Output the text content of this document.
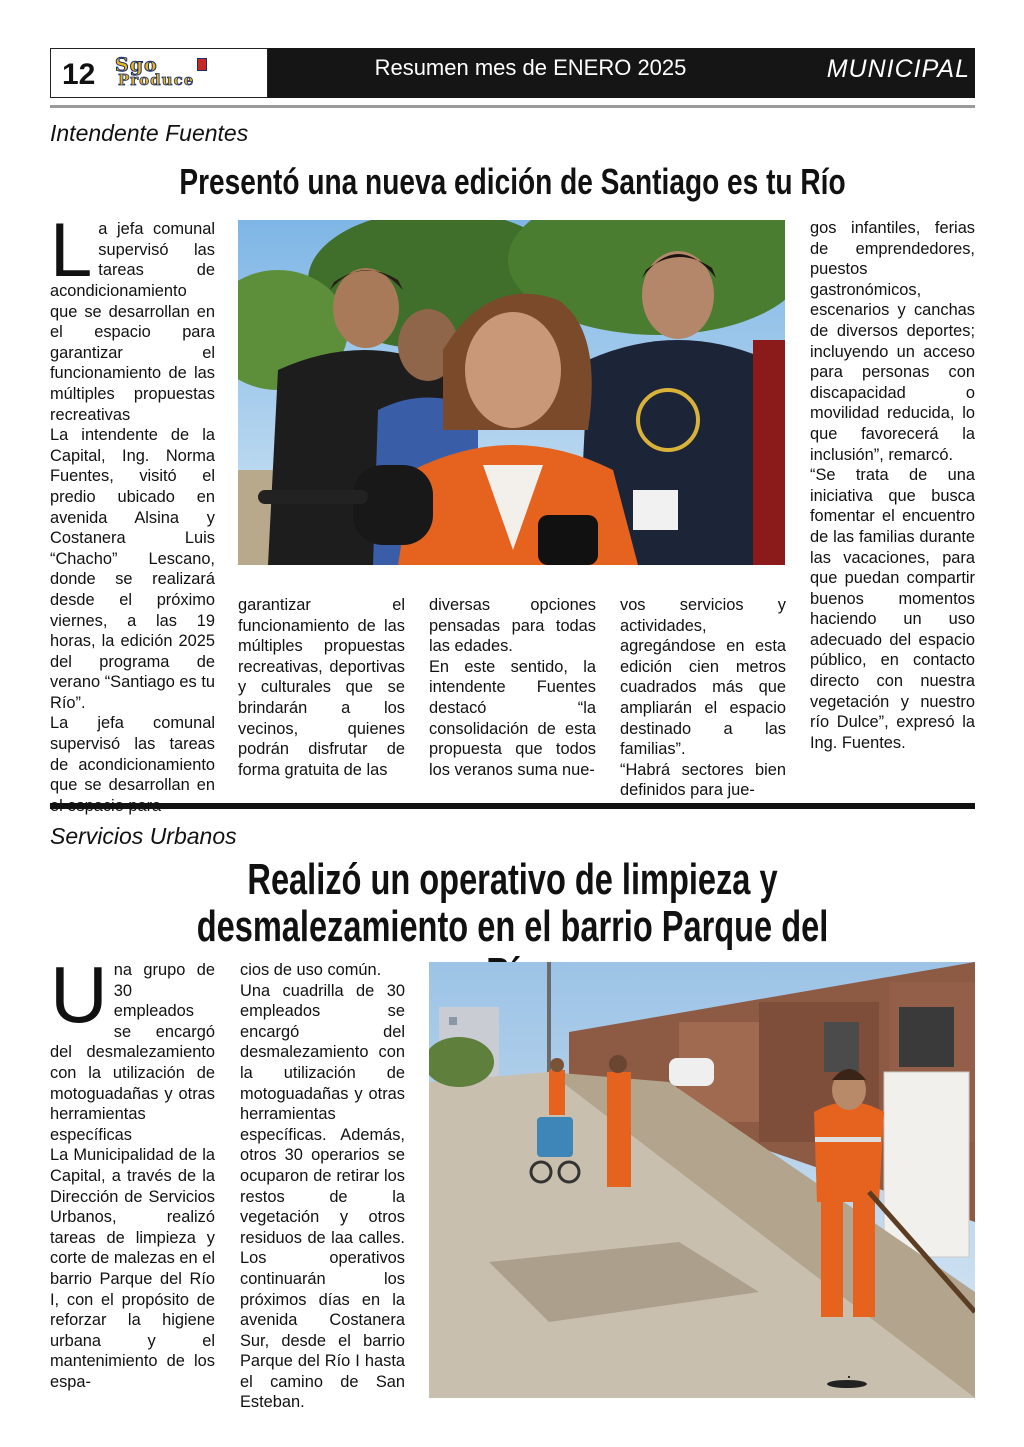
12 Sgo
Produce	Resumen mes de ENERO 2025	MUNICIPAL
Intendente Fuentes
Presentó una nueva edición de Santiago es tu Río

La jefa comunal supervisó las tareas de acondicionamiento que se desarrollan en el espacio para garantizar el funcionamiento de las múltiples propuestas recreativas

La intendente de la Capital, Ing. Norma Fuentes, visitó el predio ubicado en avenida Alsina y Costanera Luis “Chacho” Lescano, donde se realizará desde el próximo viernes, a las 19 horas, la edición 2025 del programa de verano “Santiago es tu Río”.

La jefa comunal supervisó las tareas de acondicionamiento que se desarrollan en

garantizar el funcionamiento de las múltiples propuestas recreativas, deportivas y culturales que se brindarán a los vecinos, quienes podrán disfrutar de forma gratuita de las

diversas opciones pensadas para todas las edades.

En este sentido, la intendente Fuentes destacó “la consolidación de esta propuesta que todos los veranos suma nue-

vos servicios y actividades, agregándose en esta edición cien metros cuadrados más que ampliarán el espacio destinado a las familias”.

“Habrá sectores bien definidos para jue-

gos infantiles, ferias de emprendedores, puestos gastronómicos, escenarios y canchas de diversos deportes; incluyendo un acceso para personas con discapacidad o movilidad reducida, lo que favorecerá la inclusión”, remarcó.

“Se trata de una iniciativa que busca fomentar el encuentro de las familias durante las vacaciones, para que puedan compartir buenos momentos haciendo un uso adecuado del espacio público, en contacto directo con nuestra vegetación y nuestro río Dulce”, expresó la Ing. Fuentes.

Servicios Urbanos
Realizó un operativo de limpieza y
desmalezamiento en el barrio Parque del

Una grupo de 30 empleados se encargó del desmalezamiento con la utilización de motoguadañas y otras herramientas específicas

La Municipalidad de la Capital, a través de la Dirección de Servicios Urbanos, realizó tareas de limpieza y corte de malezas en el barrio Parque del Río I, con el propósito de reforzar la higiene urbana y el mantenimiento de los espa-

cios de uso común.

Una cuadrilla de 30 empleados se encargó del desmalezamiento con la utilización de motoguadañas y otras herramientas específicas. Además, otros 30 operarios se ocuparon de retirar los restos de la vegetación y otros residuos de laa calles. Los operativos continuarán los próximos días en la avenida Costanera Sur, desde el barrio Parque del Río I hasta el camino de San Esteban.
